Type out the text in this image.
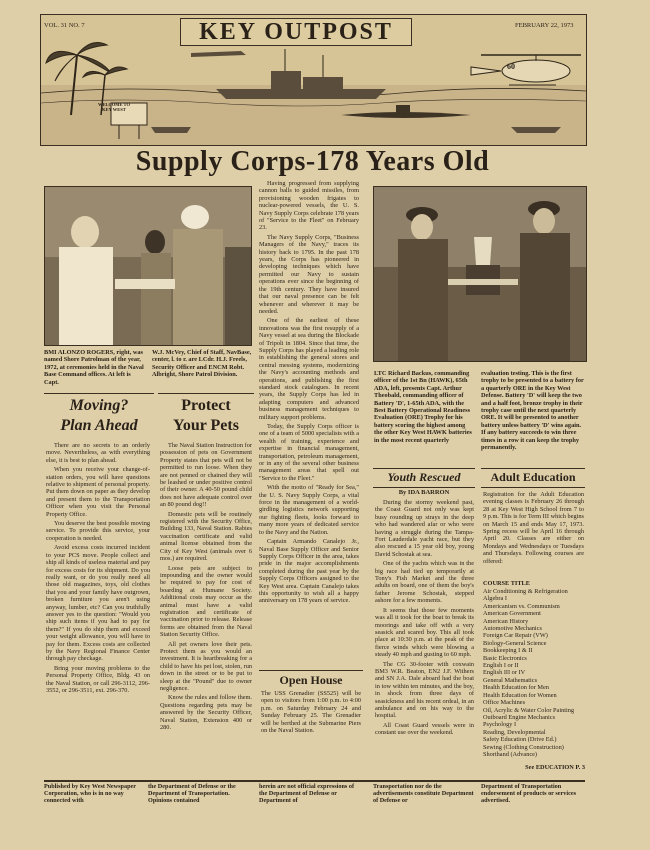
KEY OUTPOST
VOL. 31 NO. 7	FEBRUARY 22, 1973
WELCOME TO KEY WEST
60
Supply Corps-178 Years Old
BMI ALONZO ROGERS, right, was named Shore Patrolman of the year, 1972, at ceremonies held in the Naval Base Command offices. At left is Capt.
W.J. McVey, Chief of Staff, NavBase, center, l. to r. are LCdr. H.J. Freels, Security Officer and ENCM Robt. Albright, Shore Patrol Division.

Having progressed from supplying cannon balls to guided missiles, from provisioning wooden frigates to nuclear-powered vessels, the U. S. Navy Supply Corps celebrate 178 years of "Service to the Fleet" on February 23.

The Navy Supply Corps, "Business Managers of the Navy," traces its history back to 1795. In the past 178 years, the Corps has pioneered in developing techniques which have permitted our Navy to sustain operations ever since the beginning of the 19th century. They have insured that our naval presence can be felt whenever and wherever it may be needed.

One of the earliest of these innovations was the first resupply of a Navy vessel at sea during the Blockade of Tripoli in 1804. Since that time, the Supply Corps has played a leading role in establishing the general stores and central messing systems, modernizing the Navy's accounting methods and operations, and publishing the first standard stock catalogues. In recent years, the Supply Corps has led in adapting computers and advanced business management techniques to military support problems.

Today, the Supply Corps officer is one of a team of 5000 specialists with a wealth of training, experience and expertise in financial management, transportation, petroleum management, or in any of the several other business management areas that spell out "Service to the Fleet."

With the motto of "Ready for Sea," the U. S. Navy Supply Corps, a vital force in the management of a world-girdling logistics network supporting our fighting fleets, looks forward to many more years of dedicated service to the Navy and the Nation.

Captain Armando Canalejo Jr., Naval Base Supply Officer and Senior Supply Corps Officer in the area, takes pride in the major accomplishments completed during the past year by the Supply Corps Officers assigned to the Key West area. Captain Canalejo takes this opportunity to wish all a happy anniversary on 178 years of service.

LTC Richard Backus, commanding officer of the 1st Bn (HAWK), 65th ADA, left, presents Capt. Arthur Theobald, commanding officer of Battery 'D', 1-65th ADA, with the Best Battery Operational Readiness Evaluation (ORE) Trophy for his battery scoring the highest among the other Key West HAWK batteries in the most recent quarterly
evaluation testing. This is the first trophy to be presented to a battery for a quarterly ORE in the Key West Defense. Battery 'D' will keep the two and a half foot, bronze trophy in their trophy case until the next quarterly ORE. It will be presented to another battery unless battery 'D' wins again. If any battery succeeds to win three times in a row it can keep the trophy permanently.
Moving?
Plan Ahead

There are no secrets to an orderly move. Nevertheless, as with everything else, it is best to plan ahead.

When you receive your change-of-station orders, you will have questions relative to shipment of personal property. Put them down on paper as they develop and present them to the Transportation Officer when you visit the Personal Property Office.

You deserve the best possible moving service. To provide this service, your cooperation is needed.

Avoid excess costs incurred incident to your PCS move. People collect and ship all kinds of useless material and pay for excess costs for its shipment. Do you really want, or do you really need all those old magazines, toys, old clothes that you and your family have outgrown, broken furniture you aren't using anyway, lumber, etc? Can you truthfully answer yes to the question: "Would you ship such items if you had to pay for them?" If you do ship them and exceed your weight allowance, you will have to pay for them. Excess costs are collected by the Navy Regional Finance Center through pay checkage.

Bring your moving problems to the Personal Property Office, Bldg. 43 on the Naval Station, or call 296-3112, 296-3552, or 296-3511, ext. 296-370.

Protect
Your Pets

The Naval Station Instruction for possession of pets on Government Property states that pets will not be permitted to run loose. When they are not penned or chained they will be leashed or under positive control of their owner. A 40-50 pound child does not have adequate control over an 80 pound dog!!

Domestic pets will be routinely registered with the Security Office, Building 133, Naval Station. Rabies vaccination certificate and valid animal license obtained from the City of Key West (animals over 6 mos.) are required.

Loose pets are subject to impounding and the owner would be required to pay for cost of boarding at Humane Society. Additional costs may occur as the animal must have a valid registration and certificate of vaccination prior to release. Release forms are obtained from the Naval Station Security Office.

All pet owners love their pets. Protect them as you would an investment. It is heartbreaking for a child to have his pet lost, stolen, run down in the street or to be put to sleep at the "Pound" due to owner negligence.

Know the rules and follow them. Questions regarding pets may be answered by the Security Officer, Naval Station, Extension 400 or 280.

Open House
The USS Grenadier (SS525) will be open to visitors from 1:00 p.m. to 4:00 p.m. on Saturday February 24 and Sunday February 25. The Grenadier will be berthed at the Submarine Piers on the Naval Station.
Youth Rescued
By IDA BARRON

During the stormy weekend past, the Coast Guard not only was kept busy rounding up strays in the deep who had wandered afar or who were having a struggle during the Tampa-Fort Lauderdale yacht race, but they also rescued a 15 year old boy, young David Schostak at sea.

One of the yachts which was in the big race had tied up temporarily at Tony's Fish Market and the three adults on board, one of them the boy's father Jerome Schostak, stepped ashore for a few moments.

It seems that those few moments was all it took for the boat to break its moorings and take off with a very seasick and scared boy. This all took place at 10:30 p.m. at the peak of the fierce winds which were blowing a steady 40 mph and gusting to 60 mph.

The CG 30-footer with coxwain BM3 W.R. Beaton, EN2 J.F. Withers and SN J.A. Dale aboard had the boat in tow within ten minutes, and the boy, in shock from three days of seasickness and his recent ordeal, in an ambulance and on his way to the hospital.

All Coast Guard vessels were in constant use over the weekend.

Adult Education
Registration for the Adult Education evening classes is February 26 through 28 at Key West High School from 7 to 9 p.m. This is for Term III which begins on March 15 and ends May 17, 1973. Spring recess will be April 16 through April 20. Classes are either on Mondays and Wednesdays or Tuesdays and Thursdays. Following courses are offered:
COURSE TITLE
Air Conditioning & Refrigeration
Algebra I
Americanism vs. Communism
American Government
American History
Automotive Mechanics
Foreign Car Repair (VW)
Biology-General Science
Bookkeeping I & II
Basic Electronics
English I or II
English III or IV
General Mathematics
Health Education for Men
Health Education for Women
Office Machines
Oil, Acrylic & Water Color Painting
Outboard Engine Mechanics
Psychology I
Reading, Developmental
Safety Education (Drive Ed.)
Sewing (Clothing Construction)
Shorthand (Advance)
See EDUCATION P. 3
Published by Key West Newspaper Corporation, who is in no way connected with
the Department of Defense or the Department of Transportation. Opinions contained
herein are not official expressions of the Department of Defense or Department of
Transportation nor do the advertisements constitute Department of Defense or
Department of Transportation endorsement of products or services advertised.
